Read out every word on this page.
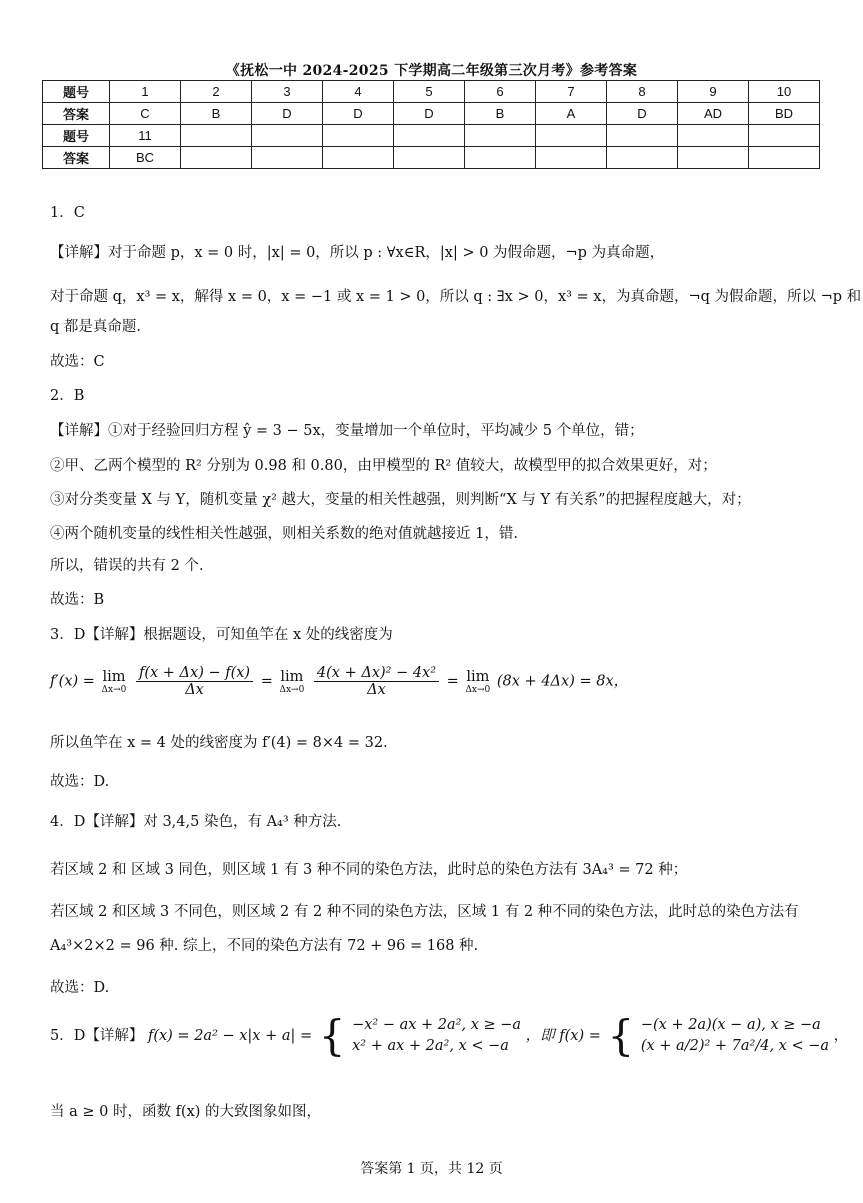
《抚松一中 2024-2025 下学期高二年级第三次月考》参考答案
题号	1	2	3	4	5	6	7	8	9	10
答案	C	B	D	D	D	B	A	D	AD	BD
题号	11									
答案	BC									
1．C
【详解】对于命题 p，x = 0 时，|x| = 0，所以 p : ∀x∈R，|x| > 0 为假命题，¬p 为真命题，
对于命题 q，x³ = x，解得 x = 0，x = −1 或 x = 1 > 0，所以 q : ∃x > 0，x³ = x，为真命题，¬q 为假命题，所以 ¬p 和
q 都是真命题.
故选：C
2．B
【详解】①对于经验回归方程 ŷ = 3 − 5x，变量增加一个单位时，平均减少 5 个单位，错；
②甲、乙两个模型的 R² 分别为 0.98 和 0.80，由甲模型的 R² 值较大，故模型甲的拟合效果更好，对；
③对分类变量 X 与 Y，随机变量 χ² 越大，变量的相关性越强，则判断“X 与 Y 有关系”的把握程度越大，对；
④两个随机变量的线性相关性越强，则相关系数的绝对值就越接近 1，错.
所以，错误的共有 2 个.
故选：B
3．D【详解】根据题设，可知鱼竿在 x 处的线密度为
f′(x) = lim
Δx→0
$\frac{f(x + \Delta x) - f(x)}{\Delta x} = \lim$
Δx→0
$\frac{\text{4(x + Δx)² − 4x²}}{\Delta x} = \lim$
Δx→0 (8x + 4Δx) = 8x，
所以鱼竿在 x = 4 处的线密度为 f′(4) = 8×4 = 32.
故选：D.
4．D【详解】对 3,4,5 染色，有 A₄³ 种方法.
若区域 2 和 区域 3 同色，则区域 1 有 3 种不同的染色方法，此时总的染色方法有 3A₄³ = 72 种；
若区域 2 和区域 3 不同色，则区域 2 有 2 种不同的染色方法，区域 1 有 2 种不同的染色方法，此时总的染色方法有
A₄³×2×2 = 96 种. 综上，不同的染色方法有 72 + 96 = 168 种.
故选：D.
5．D【详解】 f(x) = 2a² − x|x + a| = { −x² − ax + 2a², x ≥ −a
x² + ax + 2a², x < −a
，即 f(x) = { −(x + 2a)(x − a), x ≥ −a
(x + a/2)² + 7a²/4, x < −a
，
当 a ≥ 0 时，函数 f(x) 的大致图象如图，
答案第 1 页，共 12 页
